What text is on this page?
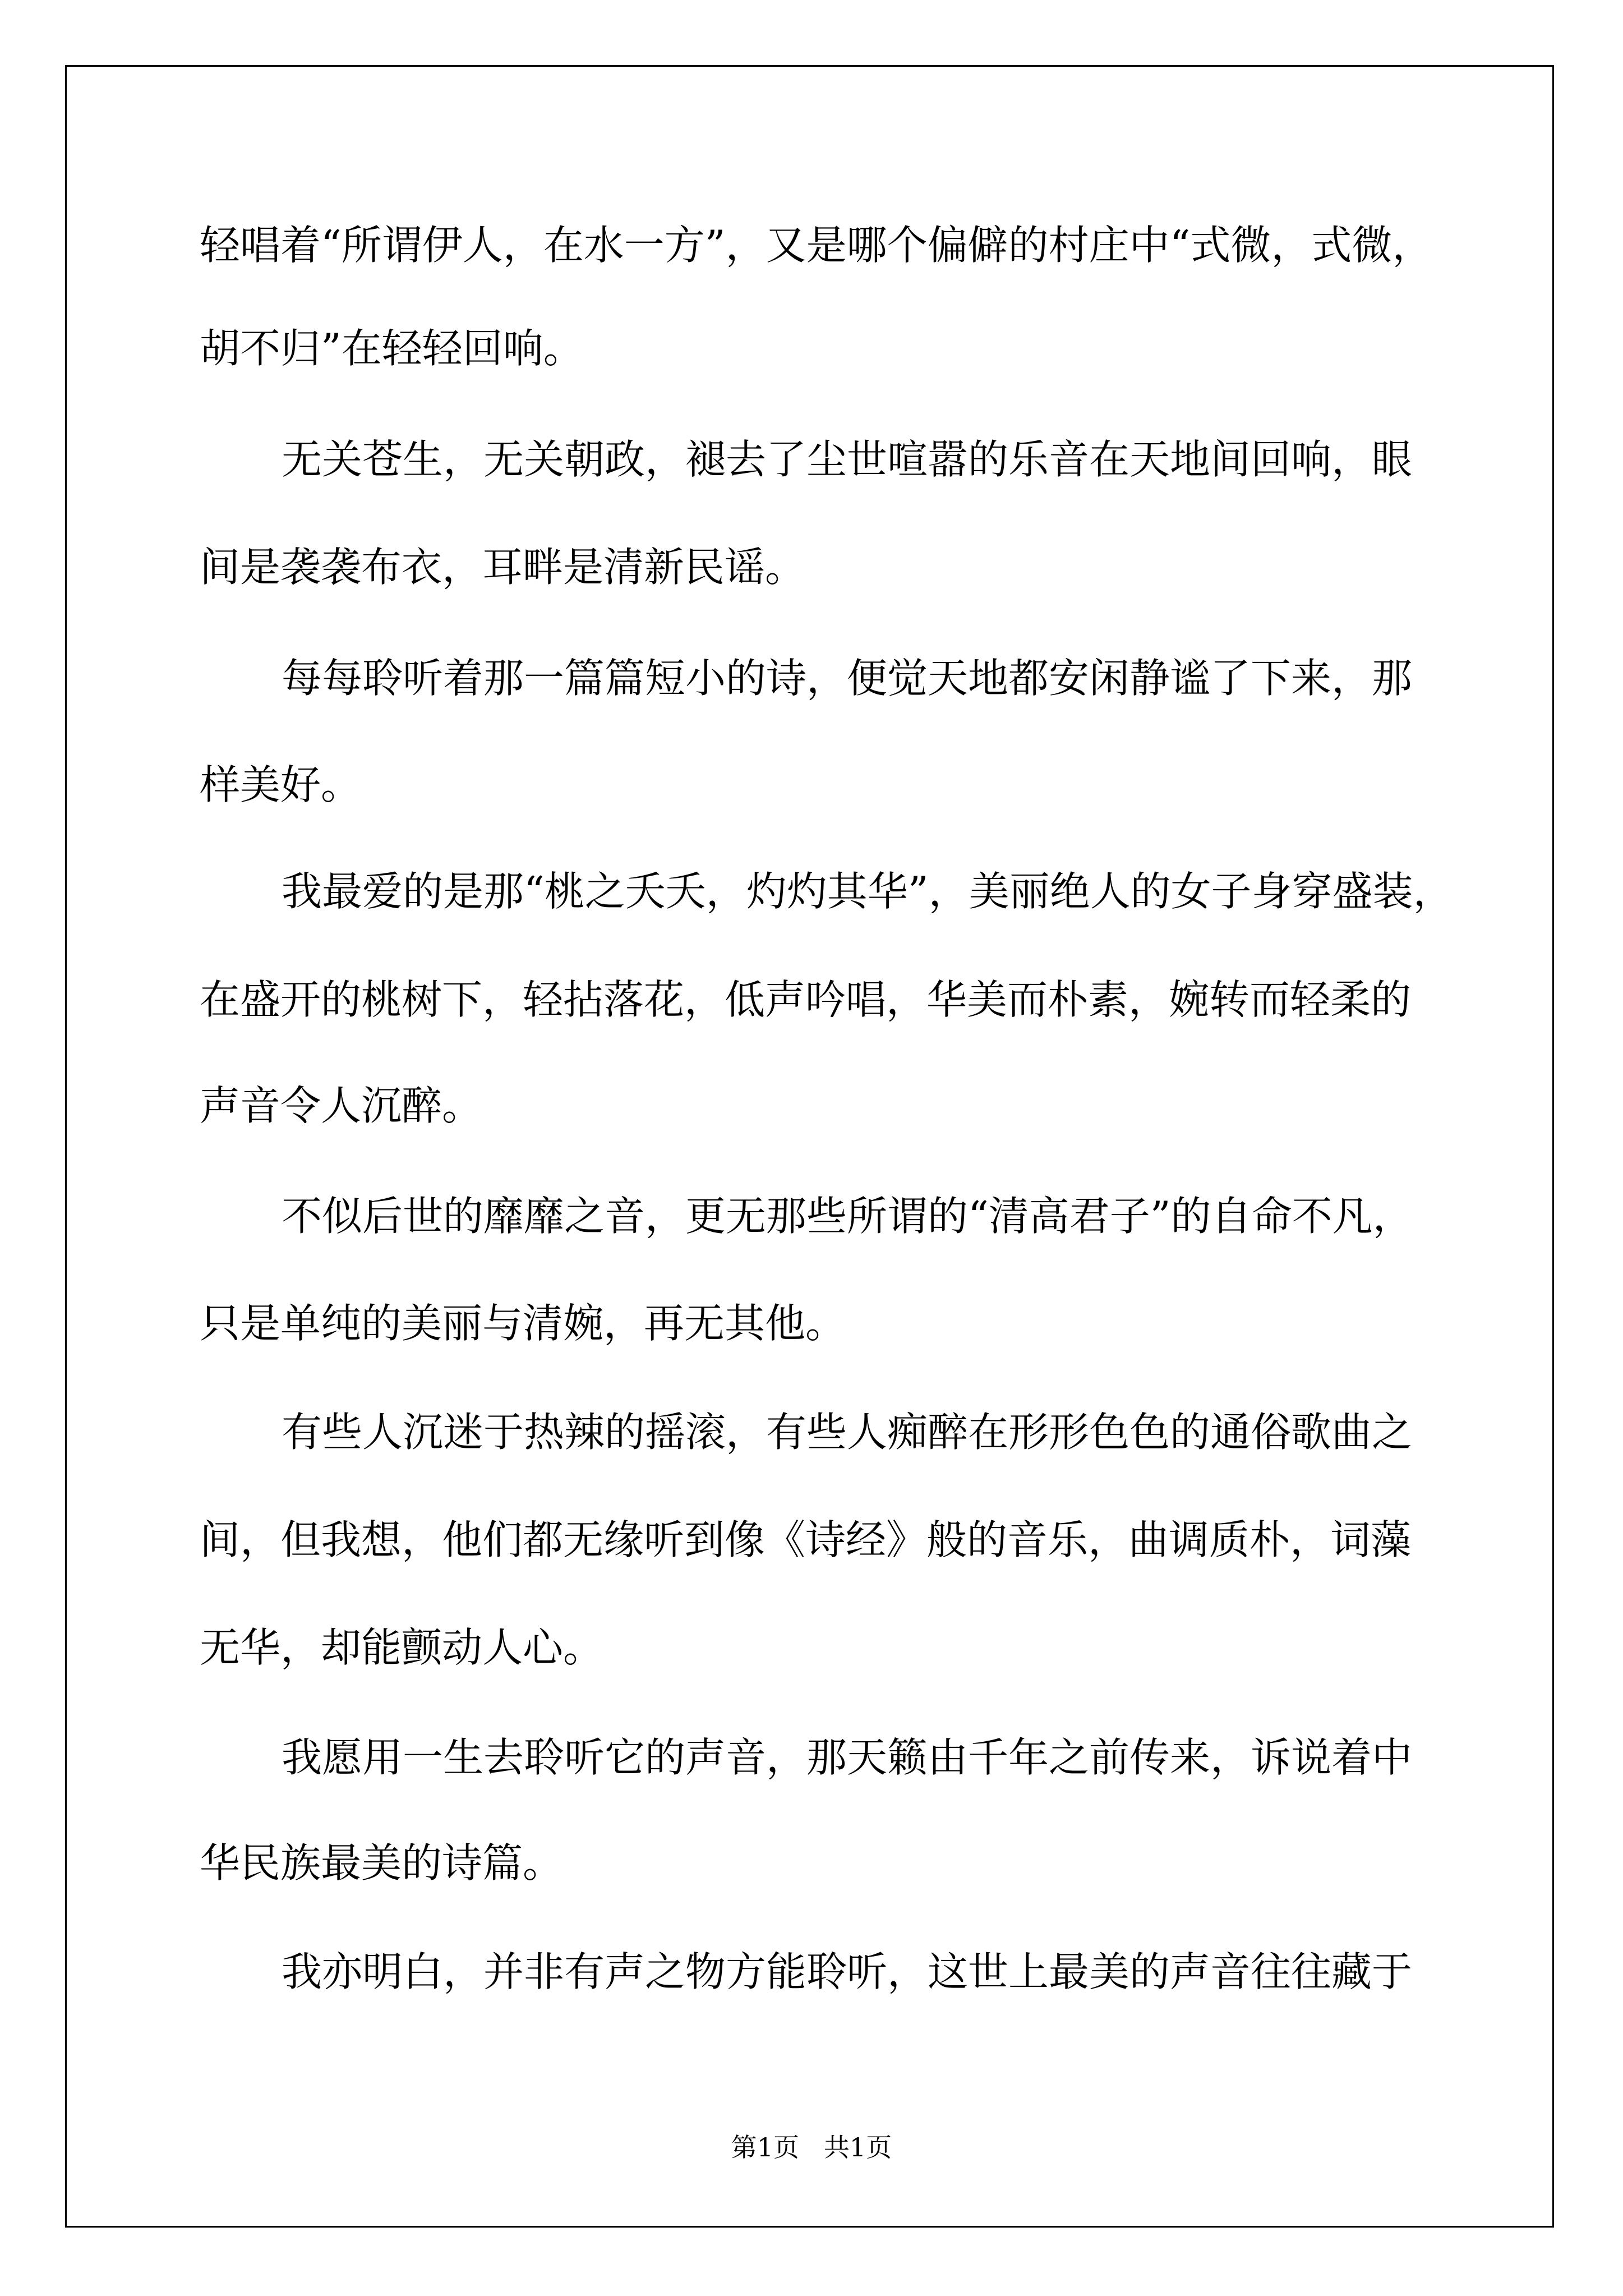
轻唱着“所谓伊人，在水一方”，又是哪个偏僻的村庄中“式微，式微，

胡不归”在轻轻回响。

无关苍生，无关朝政，褪去了尘世喧嚣的乐音在天地间回响，眼

间是袭袭布衣，耳畔是清新民谣。

每每聆听着那一篇篇短小的诗，便觉天地都安闲静谧了下来，那

样美好。

我最爱的是那“桃之夭夭，灼灼其华”，美丽绝人的女子身穿盛装，

在盛开的桃树下，轻拈落花，低声吟唱，华美而朴素，婉转而轻柔的

声音令人沉醉。

不似后世的靡靡之音，更无那些所谓的“清高君子”的自命不凡，

只是单纯的美丽与清婉，再无其他。

有些人沉迷于热辣的摇滚，有些人痴醉在形形色色的通俗歌曲之

间，但我想，他们都无缘听到像《诗经》般的音乐，曲调质朴，词藻

无华，却能颤动人心。

我愿用一生去聆听它的声音，那天籁由千年之前传来，诉说着中

华民族最美的诗篇。

我亦明白，并非有声之物方能聆听，这世上最美的声音往往藏于

第1页   共1页
